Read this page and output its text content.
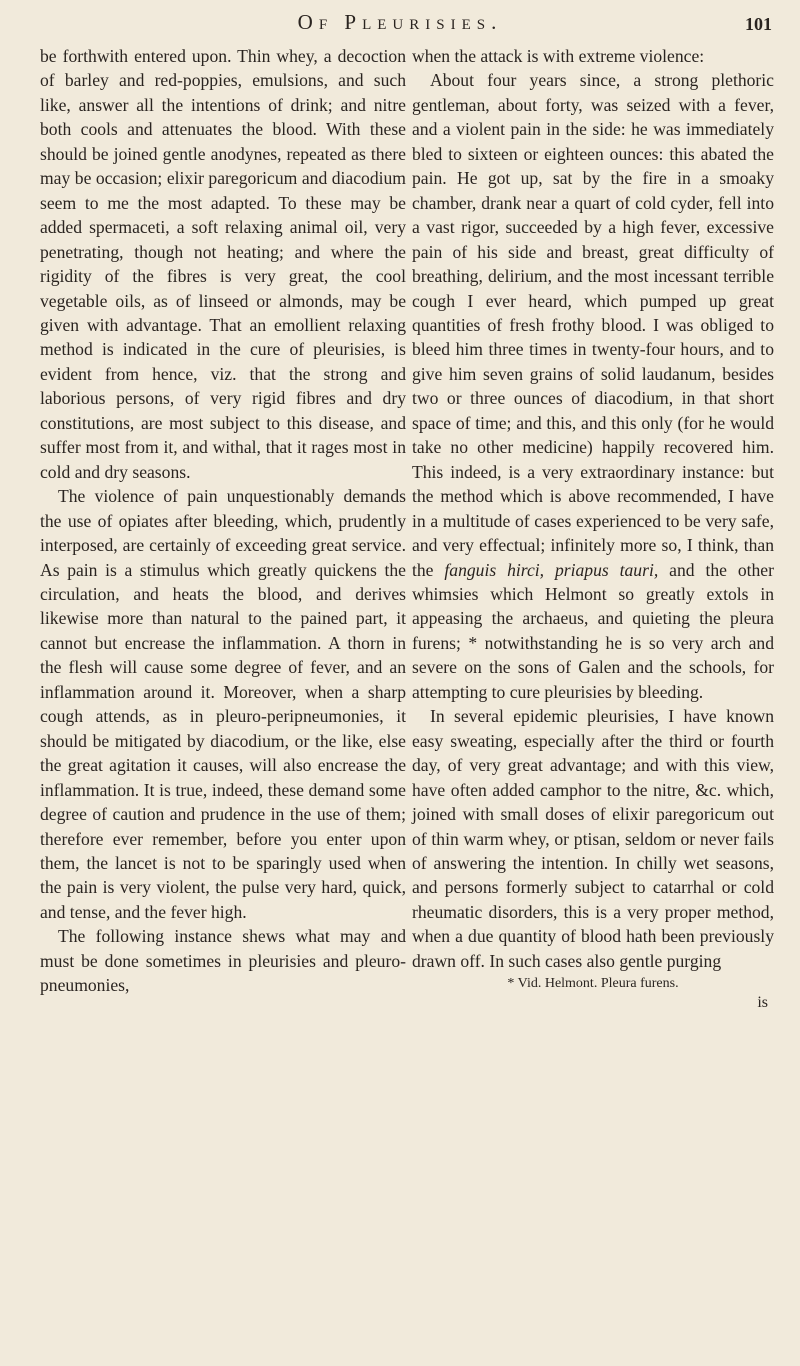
Of Pleurisies.	101

be forthwith entered upon. Thin whey, a decoction of barley and red-poppies, emulsions, and such like, answer all the intentions of drink; and nitre both cools and attenuates the blood. With these should be joined gentle anodynes, repeated as there may be occasion; elixir paregoricum and diacodium seem to me the most adapted. To these may be added spermaceti, a soft relaxing animal oil, very penetrating, though not heating; and where the rigidity of the fibres is very great, the cool vegetable oils, as of linseed or almonds, may be given with advantage. That an emollient relaxing method is indicated in the cure of pleurisies, is evident from hence, viz. that the strong and laborious persons, of very rigid fibres and dry constitutions, are most subject to this disease, and suffer most from it, and withal, that it rages most in cold and dry seasons.

The violence of pain unquestionably demands the use of opiates after bleeding, which, prudently interposed, are certainly of exceeding great service. As pain is a stimulus which greatly quickens the circulation, and heats the blood, and derives likewise more than natural to the pained part, it cannot but encrease the inflammation. A thorn in the flesh will cause some degree of fever, and an inflammation around it. Moreover, when a sharp cough attends, as in pleuro-peripneumonies, it should be mitigated by diacodium, or the like, else the great agitation it causes, will also encrease the inflammation. It is true, indeed, these demand some degree of caution and prudence in the use of them; therefore ever remember, before you enter upon them, the lancet is not to be sparingly used when the pain is very violent, the pulse very hard, quick, and tense, and the fever high.

The following instance shews what may and must be done sometimes in pleurisies and pleuro-pneumonies,

when the attack is with extreme violence:

About four years since, a strong plethoric gentleman, about forty, was seized with a fever, and a violent pain in the side: he was immediately bled to sixteen or eighteen ounces: this abated the pain. He got up, sat by the fire in a smoaky chamber, drank near a quart of cold cyder, fell into a vast rigor, succeeded by a high fever, excessive pain of his side and breast, great difficulty of breathing, delirium, and the most incessant terrible cough I ever heard, which pumped up great quantities of fresh frothy blood. I was obliged to bleed him three times in twenty-four hours, and to give him seven grains of solid laudanum, besides two or three ounces of diacodium, in that short space of time; and this, and this only (for he would take no other medicine) happily recovered him. This indeed, is a very extraordinary instance: but the method which is above recommended, I have in a multitude of cases experienced to be very safe, and very effectual; infinitely more so, I think, than the fanguis hirci, priapus tauri, and the other whimsies which Helmont so greatly extols in appeasing the archaeus, and quieting the pleura furens; * notwithstanding he is so very arch and severe on the sons of Galen and the schools, for attempting to cure pleurisies by bleeding.

In several epidemic pleurisies, I have known easy sweating, especially after the third or fourth day, of very great advantage; and with this view, have often added camphor to the nitre, &c. which, joined with small doses of elixir paregoricum out of thin warm whey, or ptisan, seldom or never fails of answering the intention. In chilly wet seasons, and persons formerly subject to catarrhal or cold rheumatic disorders, this is a very proper method, when a due quantity of blood hath been previously drawn off. In such cases also gentle purging

* Vid. Helmont. Pleura furens.
is
